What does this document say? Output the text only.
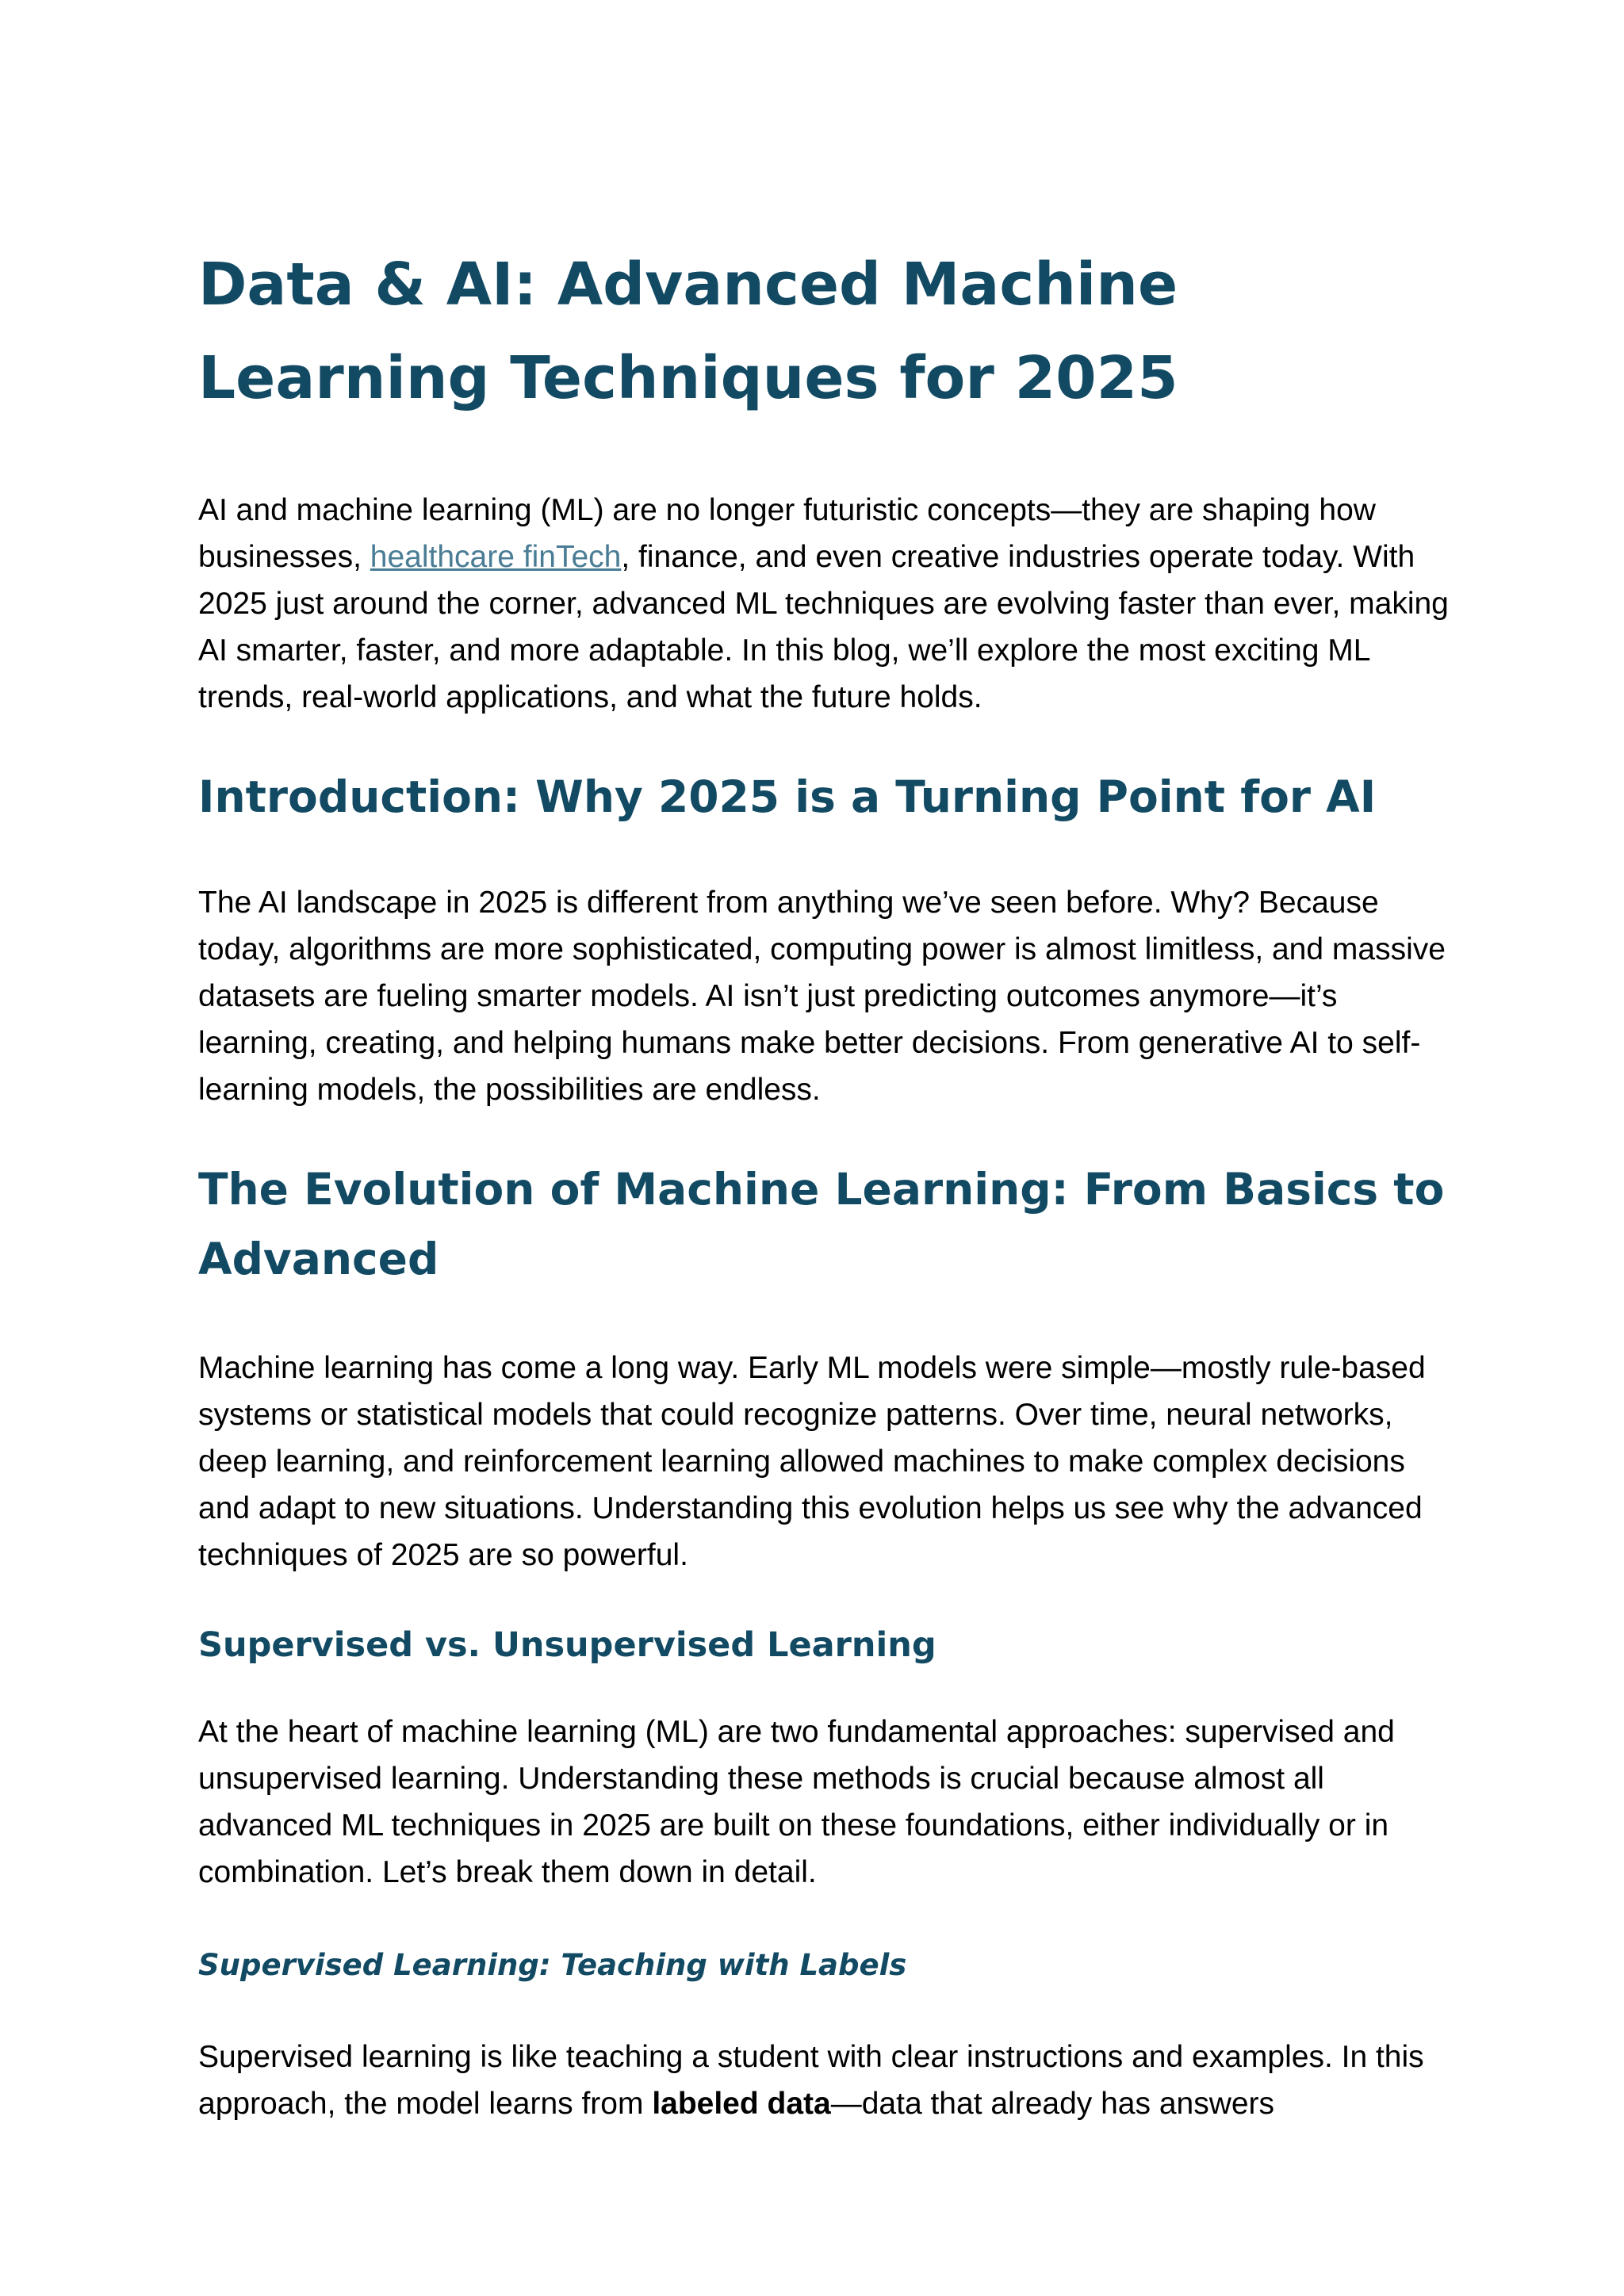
Data & AI: Advanced Machine Learning Techniques for 2025

AI and machine learning (ML) are no longer futuristic concepts—they are shaping how businesses, healthcare finTech, finance, and even creative industries operate today. With 2025 just around the corner, advanced ML techniques are evolving faster than ever, making AI smarter, faster, and more adaptable. In this blog, we’ll explore the most exciting ML trends, real-world applications, and what the future holds.

Introduction: Why 2025 is a Turning Point for AI

The AI landscape in 2025 is different from anything we’ve seen before. Why? Because today, algorithms are more sophisticated, computing power is almost limitless, and massive datasets are fueling smarter models. AI isn’t just predicting outcomes anymore—it’s learning, creating, and helping humans make better decisions. From generative AI to self-learning models, the possibilities are endless.

The Evolution of Machine Learning: From Basics to Advanced

Machine learning has come a long way. Early ML models were simple—mostly rule-based systems or statistical models that could recognize patterns. Over time, neural networks, deep learning, and reinforcement learning allowed machines to make complex decisions and adapt to new situations. Understanding this evolution helps us see why the advanced techniques of 2025 are so powerful.

Supervised vs. Unsupervised Learning

At the heart of machine learning (ML) are two fundamental approaches: supervised and unsupervised learning. Understanding these methods is crucial because almost all advanced ML techniques in 2025 are built on these foundations, either individually or in combination. Let’s break them down in detail.

Supervised Learning: Teaching with Labels

Supervised learning is like teaching a student with clear instructions and examples. In this approach, the model learns from labeled data—data that already has answers
